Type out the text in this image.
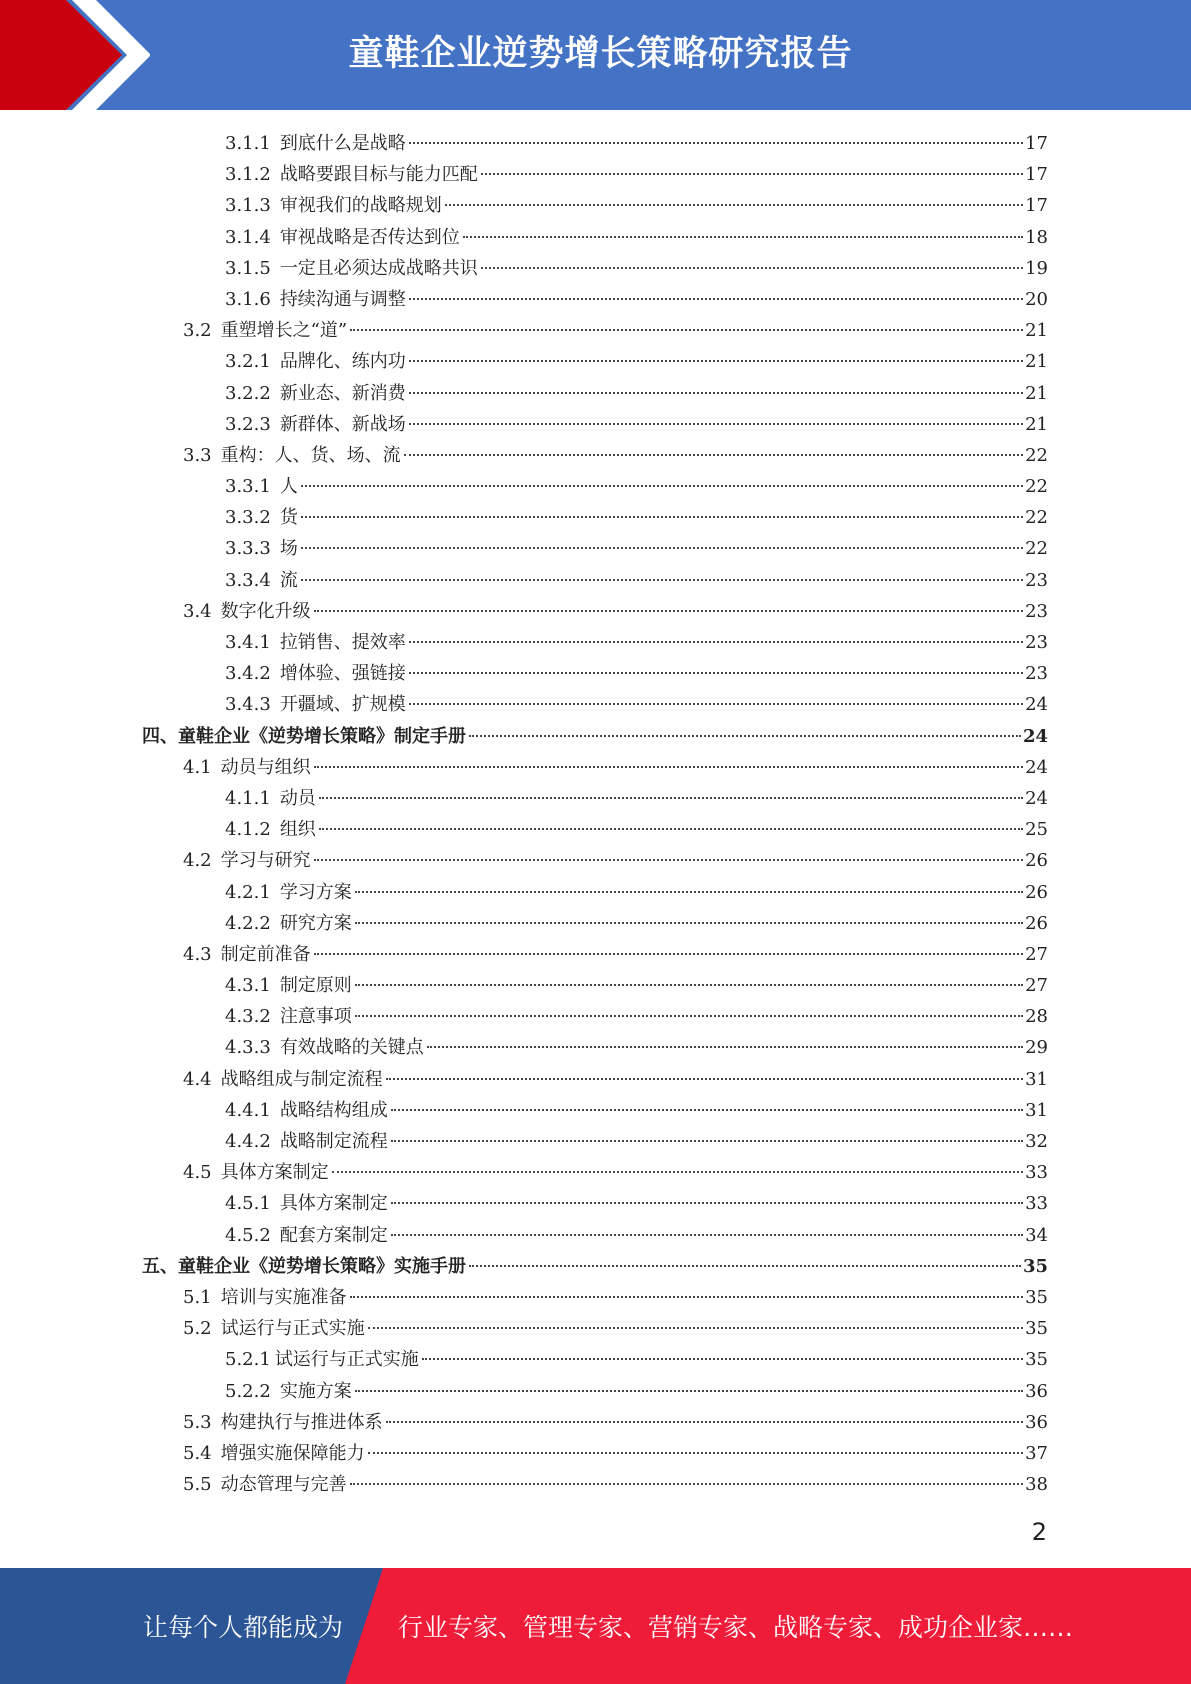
童鞋企业逆势增长策略研究报告
3.1.1 到底什么是战略	17
3.1.2 战略要跟目标与能力匹配	17
3.1.3 审视我们的战略规划	17
3.1.4 审视战略是否传达到位	18
3.1.5 一定且必须达成战略共识	19
3.1.6 持续沟通与调整	20
3.2 重塑增长之“道”	21
3.2.1 品牌化、练内功	21
3.2.2 新业态、新消费	21
3.2.3 新群体、新战场	21
3.3 重构：人、货、场、流	22
3.3.1 人	22
3.3.2 货	22
3.3.3 场	22
3.3.4 流	23
3.4 数字化升级	23
3.4.1 拉销售、提效率	23
3.4.2 增体验、强链接	23
3.4.3 开疆域、扩规模	24
四、童鞋企业《逆势增长策略》制定手册	24
4.1 动员与组织	24
4.1.1 动员	24
4.1.2 组织	25
4.2 学习与研究	26
4.2.1 学习方案	26
4.2.2 研究方案	26
4.3 制定前准备	27
4.3.1 制定原则	27
4.3.2 注意事项	28
4.3.3 有效战略的关键点	29
4.4 战略组成与制定流程	31
4.4.1 战略结构组成	31
4.4.2 战略制定流程	32
4.5 具体方案制定	33
4.5.1 具体方案制定	33
4.5.2 配套方案制定	34
五、童鞋企业《逆势增长策略》实施手册	35
5.1 培训与实施准备	35
5.2 试运行与正式实施	35
5.2.1 试运行与正式实施	35
5.2.2 实施方案	36
5.3 构建执行与推进体系	36
5.4 增强实施保障能力	37
5.5 动态管理与完善	38
2
让每个人都能成为 行业专家、管理专家、营销专家、战略专家、成功企业家……
